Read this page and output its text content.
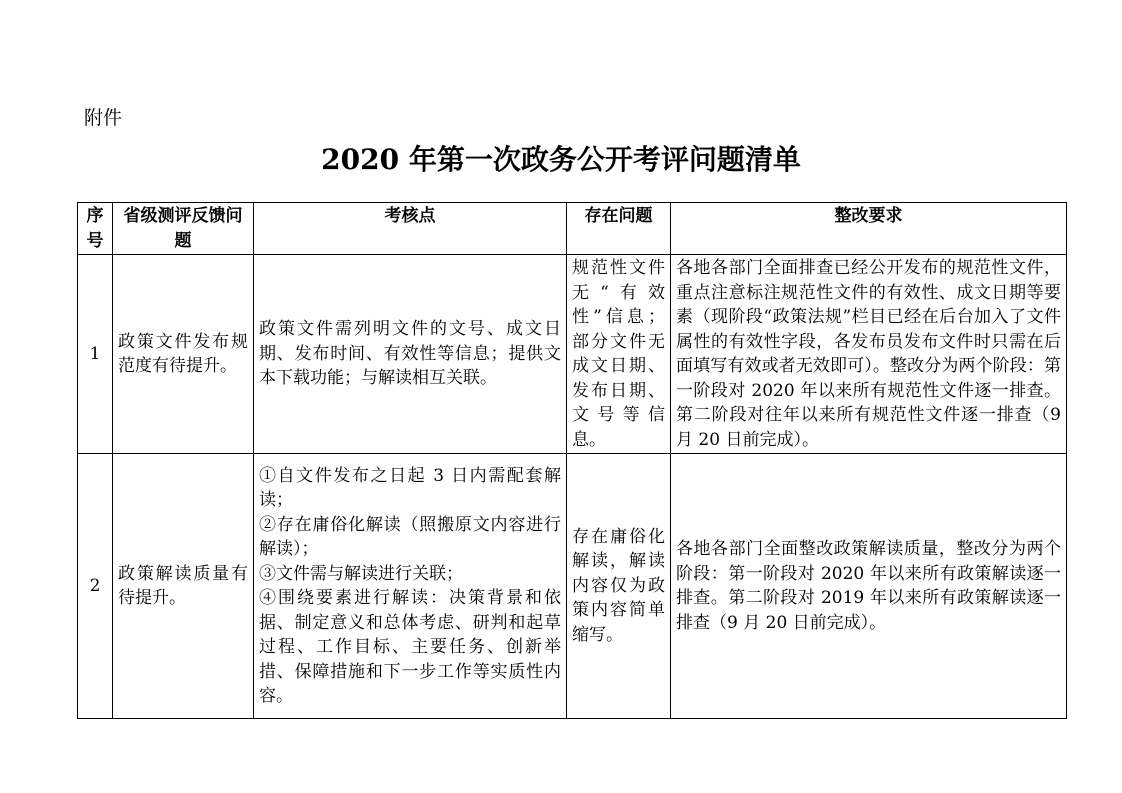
附件
2020 年第一次政务公开考评问题清单
序号	省级测评反馈问题	考核点	存在问题	整改要求
1	政策文件发布规范度有待提升。	政策文件需列明文件的文号、成文日期、发布时间、有效性等信息；提供文本下载功能；与解读相互关联。	规范性文件无“有效性”信息；部分文件无成文日期、发布日期、文号等信息。	各地各部门全面排查已经公开发布的规范性文件，重点注意标注规范性文件的有效性、成文日期等要素（现阶段“政策法规”栏目已经在后台加入了文件属性的有效性字段，各发布员发布文件时只需在后面填写有效或者无效即可）。整改分为两个阶段：第一阶段对 2020 年以来所有规范性文件逐一排查。第二阶段对往年以来所有规范性文件逐一排查（9 月 20 日前完成）。
2	政策解读质量有待提升。	①自文件发布之日起 3 日内需配套解读；
②存在庸俗化解读（照搬原文内容进行解读）；
③文件需与解读进行关联；
④围绕要素进行解读：决策背景和依据、制定意义和总体考虑、研判和起草过程、工作目标、主要任务、创新举措、保障措施和下一步工作等实质性内容。	存在庸俗化解读，解读内容仅为政策内容简单缩写。	各地各部门全面整改政策解读质量，整改分为两个阶段：第一阶段对 2020 年以来所有政策解读逐一排查。第二阶段对 2019 年以来所有政策解读逐一排查（9 月 20 日前完成）。
